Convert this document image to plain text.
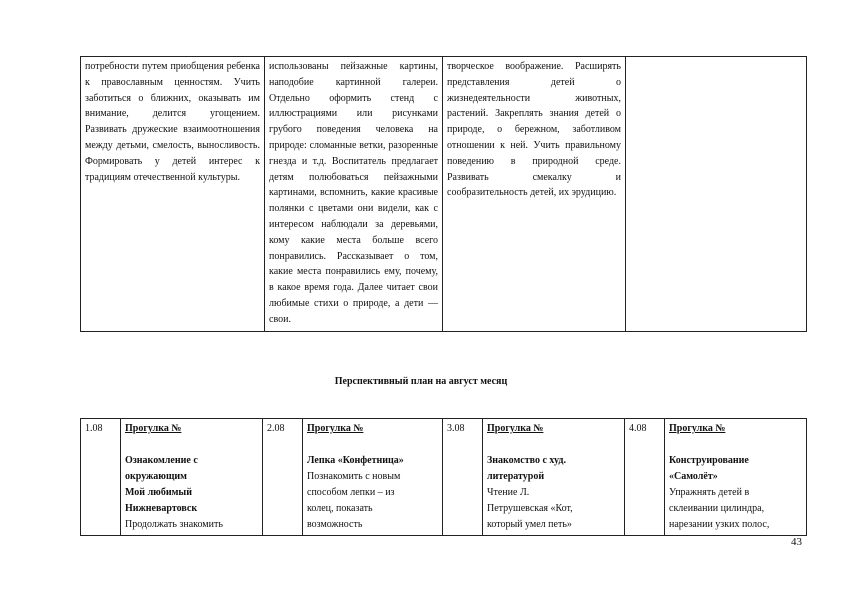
потребности путем приобщения ребенка к православным ценностям. Учить заботиться о ближних, оказывать им внимание, делится угощением. Развивать дружеские взаимоотношения между детьми, смелость, выносливость. Формировать у детей интерес к традициям отечественной культуры.	использованы пейзажные картины, наподобие картинной галереи. Отдельно оформить стенд с иллюстрациями или рисунками грубого поведения человека на природе: сломанные ветки, разоренные гнезда и т.д. Воспитатель предлагает детям полюбоваться пейзажными картинами, вспомнить, какие красивые полянки с цветами они видели, как с интересом наблюдали за деревьями, кому какие места больше всего понравились. Рассказывает о том, какие места понравились ему, почему, в какое время года. Далее читает свои любимые стихи о природе, а дети — свои.	творческое воображение. Расширять представления детей о жизнедеятельности животных, растений. Закреплять знания детей о природе, о бережном, заботливом отношении к ней. Учить правильному поведению в природной среде. Развивать смекалку и сообразительность детей, их эрудицию.	
Перспективный план на август месяц
1.08	Прогулка №
Ознакомление с
окружающим
Мой любимый
Нижневартовск
Продолжать знакомить
	2.08	Прогулка №
Лепка «Конфетница»
Познакомить с новым
способом лепки – из
колец, показать
возможность
	3.08	Прогулка №
Знакомство с худ.
литературой
Чтение Л.
Петрушевская «Кот,
который умел петь»
	4.08	Прогулка №
Конструирование
«Самолёт»
Упражнять детей в
склеивании цилиндра,
нарезании узких полос,
43
